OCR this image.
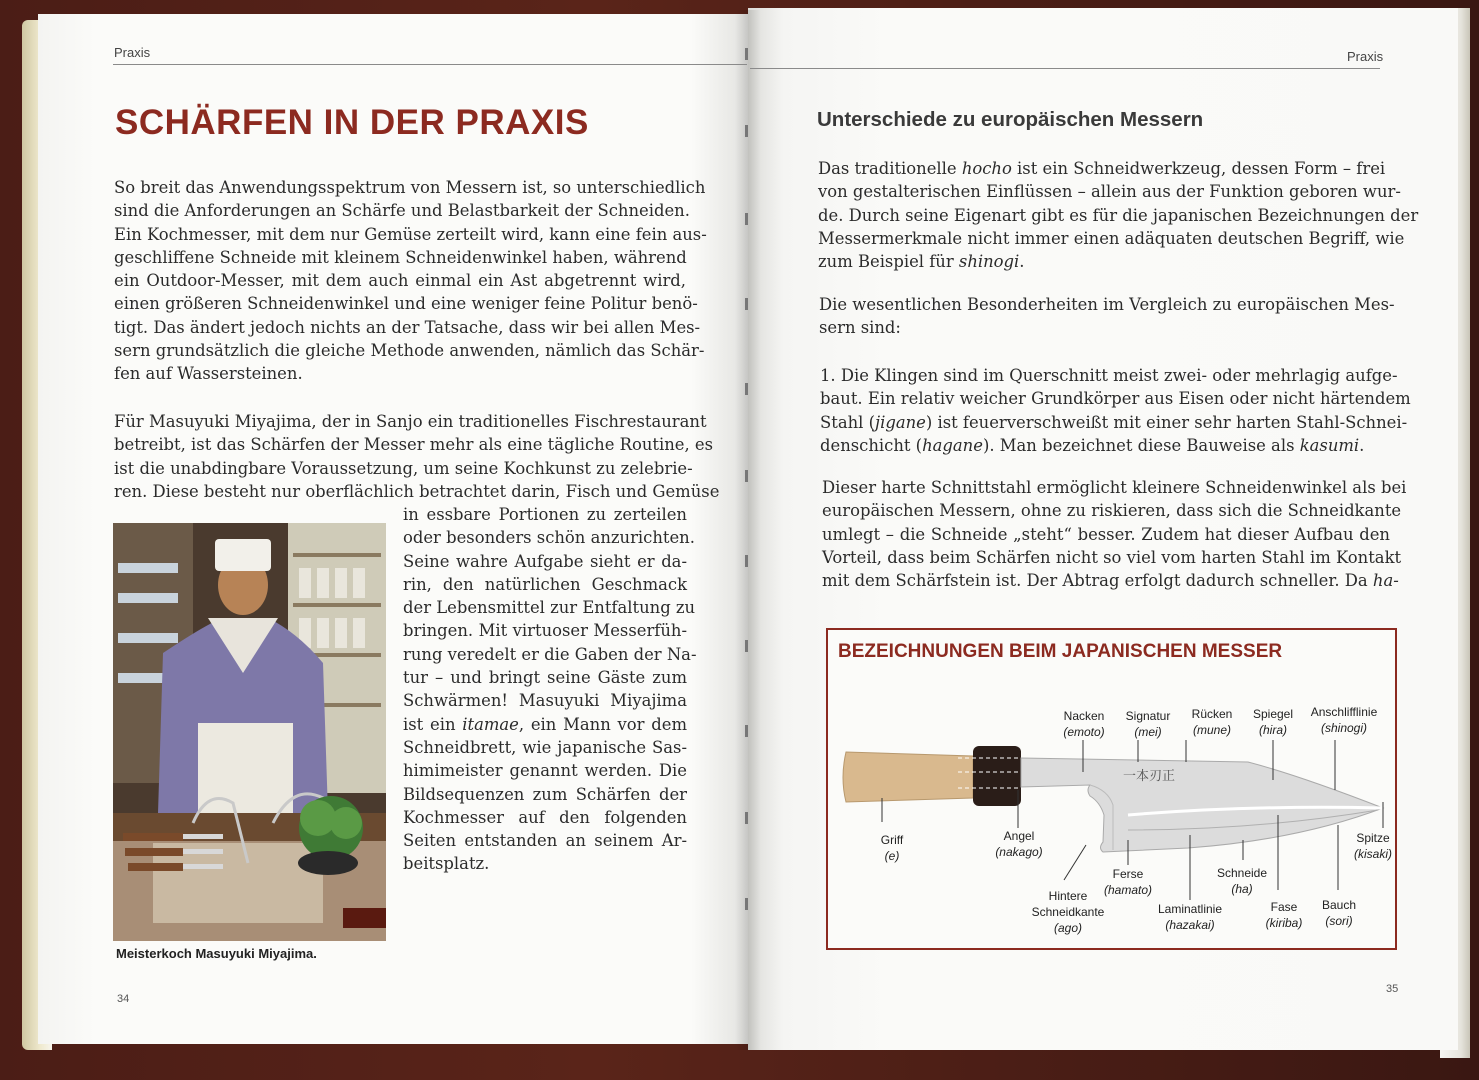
Praxis
SCHÄRFEN IN DER PRAXIS
So breit das Anwendungsspektrum von Messern ist, so unterschiedlich
sind die Anforderungen an Schärfe und Belastbarkeit der Schneiden.
Ein Kochmesser, mit dem nur Gemüse zerteilt wird, kann eine fein aus-
geschliffene Schneide mit kleinem Schneidenwinkel haben, während
ein Outdoor-Messer, mit dem auch einmal ein Ast abgetrennt wird,
einen größeren Schneidenwinkel und eine weniger feine Politur benö-
tigt. Das ändert jedoch nichts an der Tatsache, dass wir bei allen Mes-
sern grundsätzlich die gleiche Methode anwenden, nämlich das Schär-
fen auf Wassersteinen.
Für Masuyuki Miyajima, der in Sanjo ein traditionelles Fischrestaurant
betreibt, ist das Schärfen der Messer mehr als eine tägliche Routine, es
ist die unabdingbare Voraussetzung, um seine Kochkunst zu zelebrie-
ren. Diese besteht nur oberflächlich betrachtet darin, Fisch und Gemüse
in essbare Portionen zu zerteilen
oder besonders schön anzurichten.
Seine wahre Aufgabe sieht er da-
rin, den natürlichen Geschmack
der Lebensmittel zur Entfaltung zu
bringen. Mit virtuoser Messerfüh-
rung veredelt er die Gaben der Na-
tur – und bringt seine Gäste zum
Schwärmen! Masuyuki Miyajima
ist ein itamae, ein Mann vor dem
Schneidbrett, wie japanische Sas-
himimeister genannt werden. Die
Bildsequenzen zum Schärfen der
Kochmesser auf den folgenden
Seiten entstanden an seinem Ar-
beitsplatz.

Meisterkoch Masuyuki Miyajima.

34
Praxis
Unterschiede zu europäischen Messern
Das traditionelle hocho ist ein Schneidwerkzeug, dessen Form – frei
von gestalterischen Einflüssen – allein aus der Funktion geboren wur-
de. Durch seine Eigenart gibt es für die japanischen Bezeichnungen der
Messermerkmale nicht immer einen adäquaten deutschen Begriff, wie
zum Beispiel für shinogi.
Die wesentlichen Besonderheiten im Vergleich zu europäischen Mes-
sern sind:
1. Die Klingen sind im Querschnitt meist zwei- oder mehrlagig aufge-
baut. Ein relativ weicher Grundkörper aus Eisen oder nicht härtendem
Stahl (jigane) ist feuerverschweißt mit einer sehr harten Stahl-Schnei-
denschicht (hagane). Man bezeichnet diese Bauweise als kasumi.
Dieser harte Schnittstahl ermöglicht kleinere Schneidenwinkel als bei
europäischen Messern, ohne zu riskieren, dass sich die Schneidkante
umlegt – die Schneide „steht“ besser. Zudem hat dieser Aufbau den
Vorteil, dass beim Schärfen nicht so viel vom harten Stahl im Kontakt
mit dem Schärfstein ist. Der Abtrag erfolgt dadurch schneller. Da ha-
BEZEICHNUNGEN BEIM JAPANISCHEN MESSER
一本刃正
Nacken
(emoto)
Signatur
(mei)
Rücken
(mune)
Spiegel
(hira)
Anschlifflinie
(shinogi)
Griff
(e)
Angel
(nakago)
Spitze
(kisaki)
Ferse
(hamato)
Schneide
(ha)
Hintere
Schneidkante
(ago)
Laminatlinie
(hazakai)
Fase
(kiriba)
Bauch
(sori)
35
